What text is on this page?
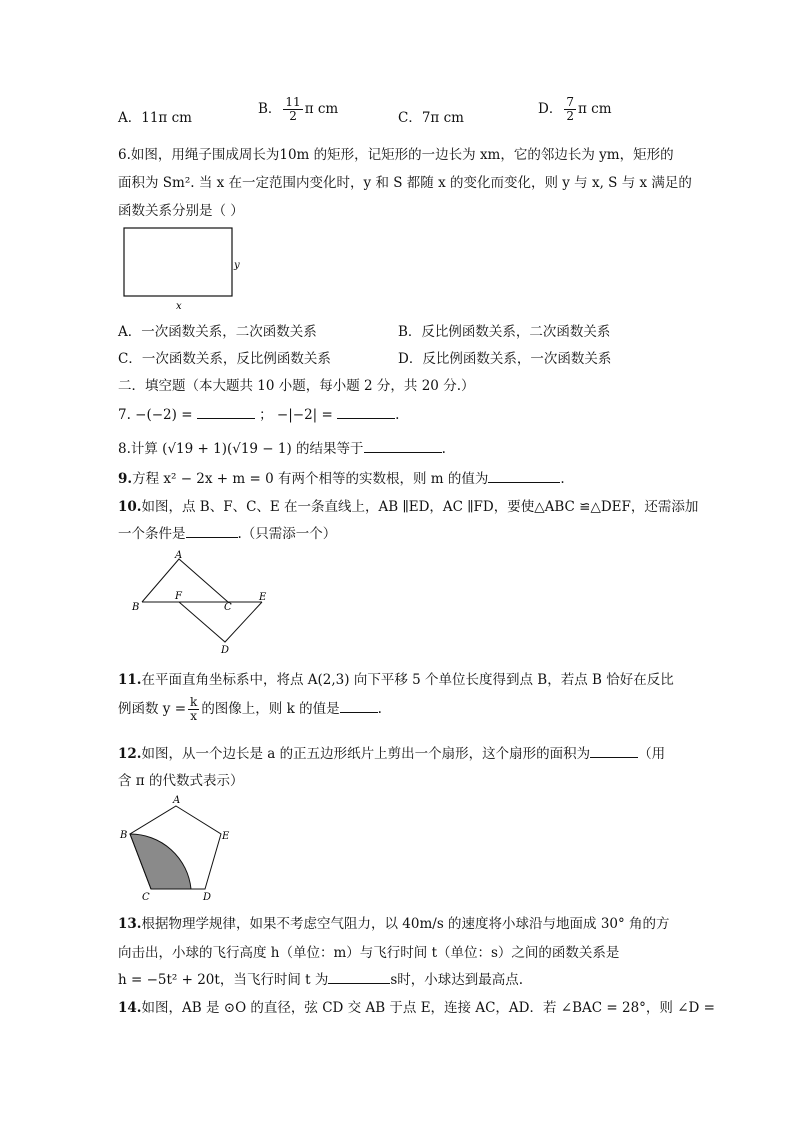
A．11π cm
B． $\frac{11}{2}$ π cm
C．7π cm
D． $\frac{7}{2}$ π cm
6.如图，用绳子围成周长为10m 的矩形，记矩形的一边长为 xm，它的邻边长为 ym，矩形的
面积为 Sm². 当 x 在一定范围内变化时，y 和 S 都随 x 的变化而变化，则 y 与 x, S 与 x 满足的
函数关系分别是（ ）
y
x
A．一次函数关系，二次函数关系	B．反比例函数关系，二次函数关系
C．一次函数关系，反比例函数关系	D．反比例函数关系，一次函数关系
二．填空题（本大题共 10 小题，每小题 2 分，共 20 分.）
7. −(−2) =	； −|−2| =	.
8.计算 (√19 + 1)(√19 − 1) 的结果等于	.
9.方程 x² − 2x + m = 0 有两个相等的实数根，则 m 的值为	.
10.如图，点 B、F、C、E 在一条直线上，AB ∥ED，AC ∥FD，要使△ABC ≌△DEF，还需添加
一个条件是	.（只需添一个）
A
B
F
C
E
D
11.在平面直角坐标系中，将点 A(2,3) 向下平移 5 个单位长度得到点 B，若点 B 恰好在反比
例函数 $y = \frac{k}{x}$ 的图像上，则 k 的值是	.
12.如图，从一个边长是 a 的正五边形纸片上剪出一个扇形，这个扇形的面积为	（用
含 π 的代数式表示）
A
B
C	D
E
13.根据物理学规律，如果不考虑空气阻力，以 40m/s 的速度将小球沿与地面成 30° 角的方
向击出，小球的飞行高度 h（单位：m）与飞行时间 t（单位：s）之间的函数关系是
h = −5t² + 20t，当飞行时间 t 为	s时，小球达到最高点.
14.如图，AB 是 ⊙O 的直径，弦 CD 交 AB 于点 E，连接 AC，AD．若 ∠BAC = 28°，则 ∠D =
